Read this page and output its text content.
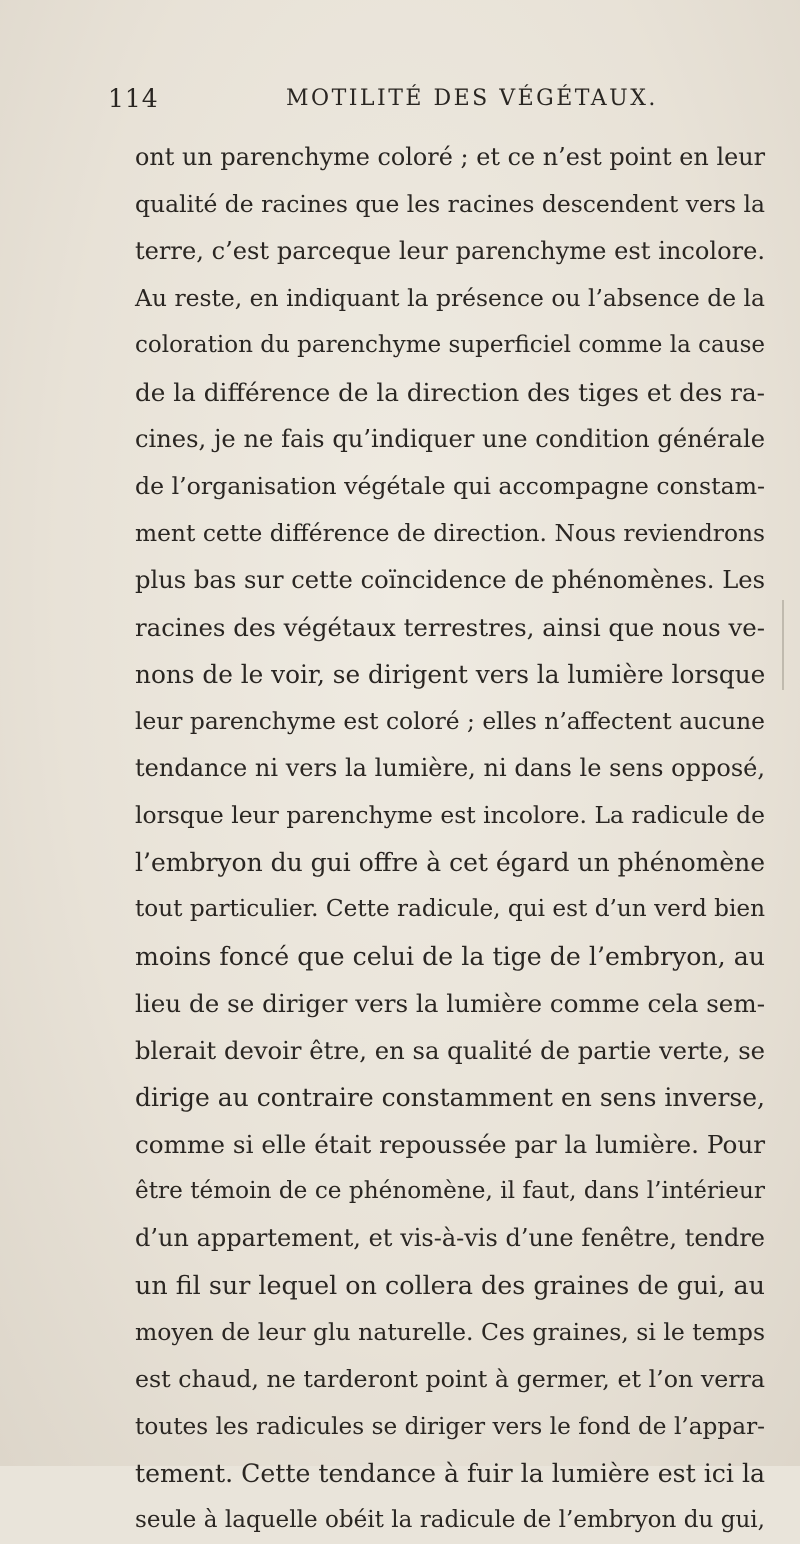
114	MOTILITÉ DES VÉGÉTAUX.
ont un parenchyme coloré ; et ce n’est point en leur
qualité de racines que les racines descendent vers la
terre, c’est parceque leur parenchyme est incolore.
Au reste, en indiquant la présence ou l’absence de la
coloration du parenchyme superficiel comme la cause
de la différence de la direction des tiges et des ra-
cines, je ne fais qu’indiquer une condition générale
de l’organisation végétale qui accompagne constam-
ment cette différence de direction. Nous reviendrons
plus bas sur cette coïncidence de phénomènes. Les
racines des végétaux terrestres, ainsi que nous ve-
nons de le voir, se dirigent vers la lumière lorsque
leur parenchyme est coloré ; elles n’affectent aucune
tendance ni vers la lumière, ni dans le sens opposé,
lorsque leur parenchyme est incolore. La radicule de
l’embryon du gui offre à cet égard un phénomène
tout particulier. Cette radicule, qui est d’un verd bien
moins foncé que celui de la tige de l’embryon, au
lieu de se diriger vers la lumière comme cela sem-
blerait devoir être, en sa qualité de partie verte, se
dirige au contraire constamment en sens inverse,
comme si elle était repoussée par la lumière. Pour
être témoin de ce phénomène, il faut, dans l’intérieur
d’un appartement, et vis-à-vis d’une fenêtre, tendre
un fil sur lequel on collera des graines de gui, au
moyen de leur glu naturelle. Ces graines, si le temps
est chaud, ne tarderont point à germer, et l’on verra
toutes les radicules se diriger vers le fond de l’appar-
tement. Cette tendance à fuir la lumière est ici la
seule à laquelle obéit la radicule de l’embryon du gui,
